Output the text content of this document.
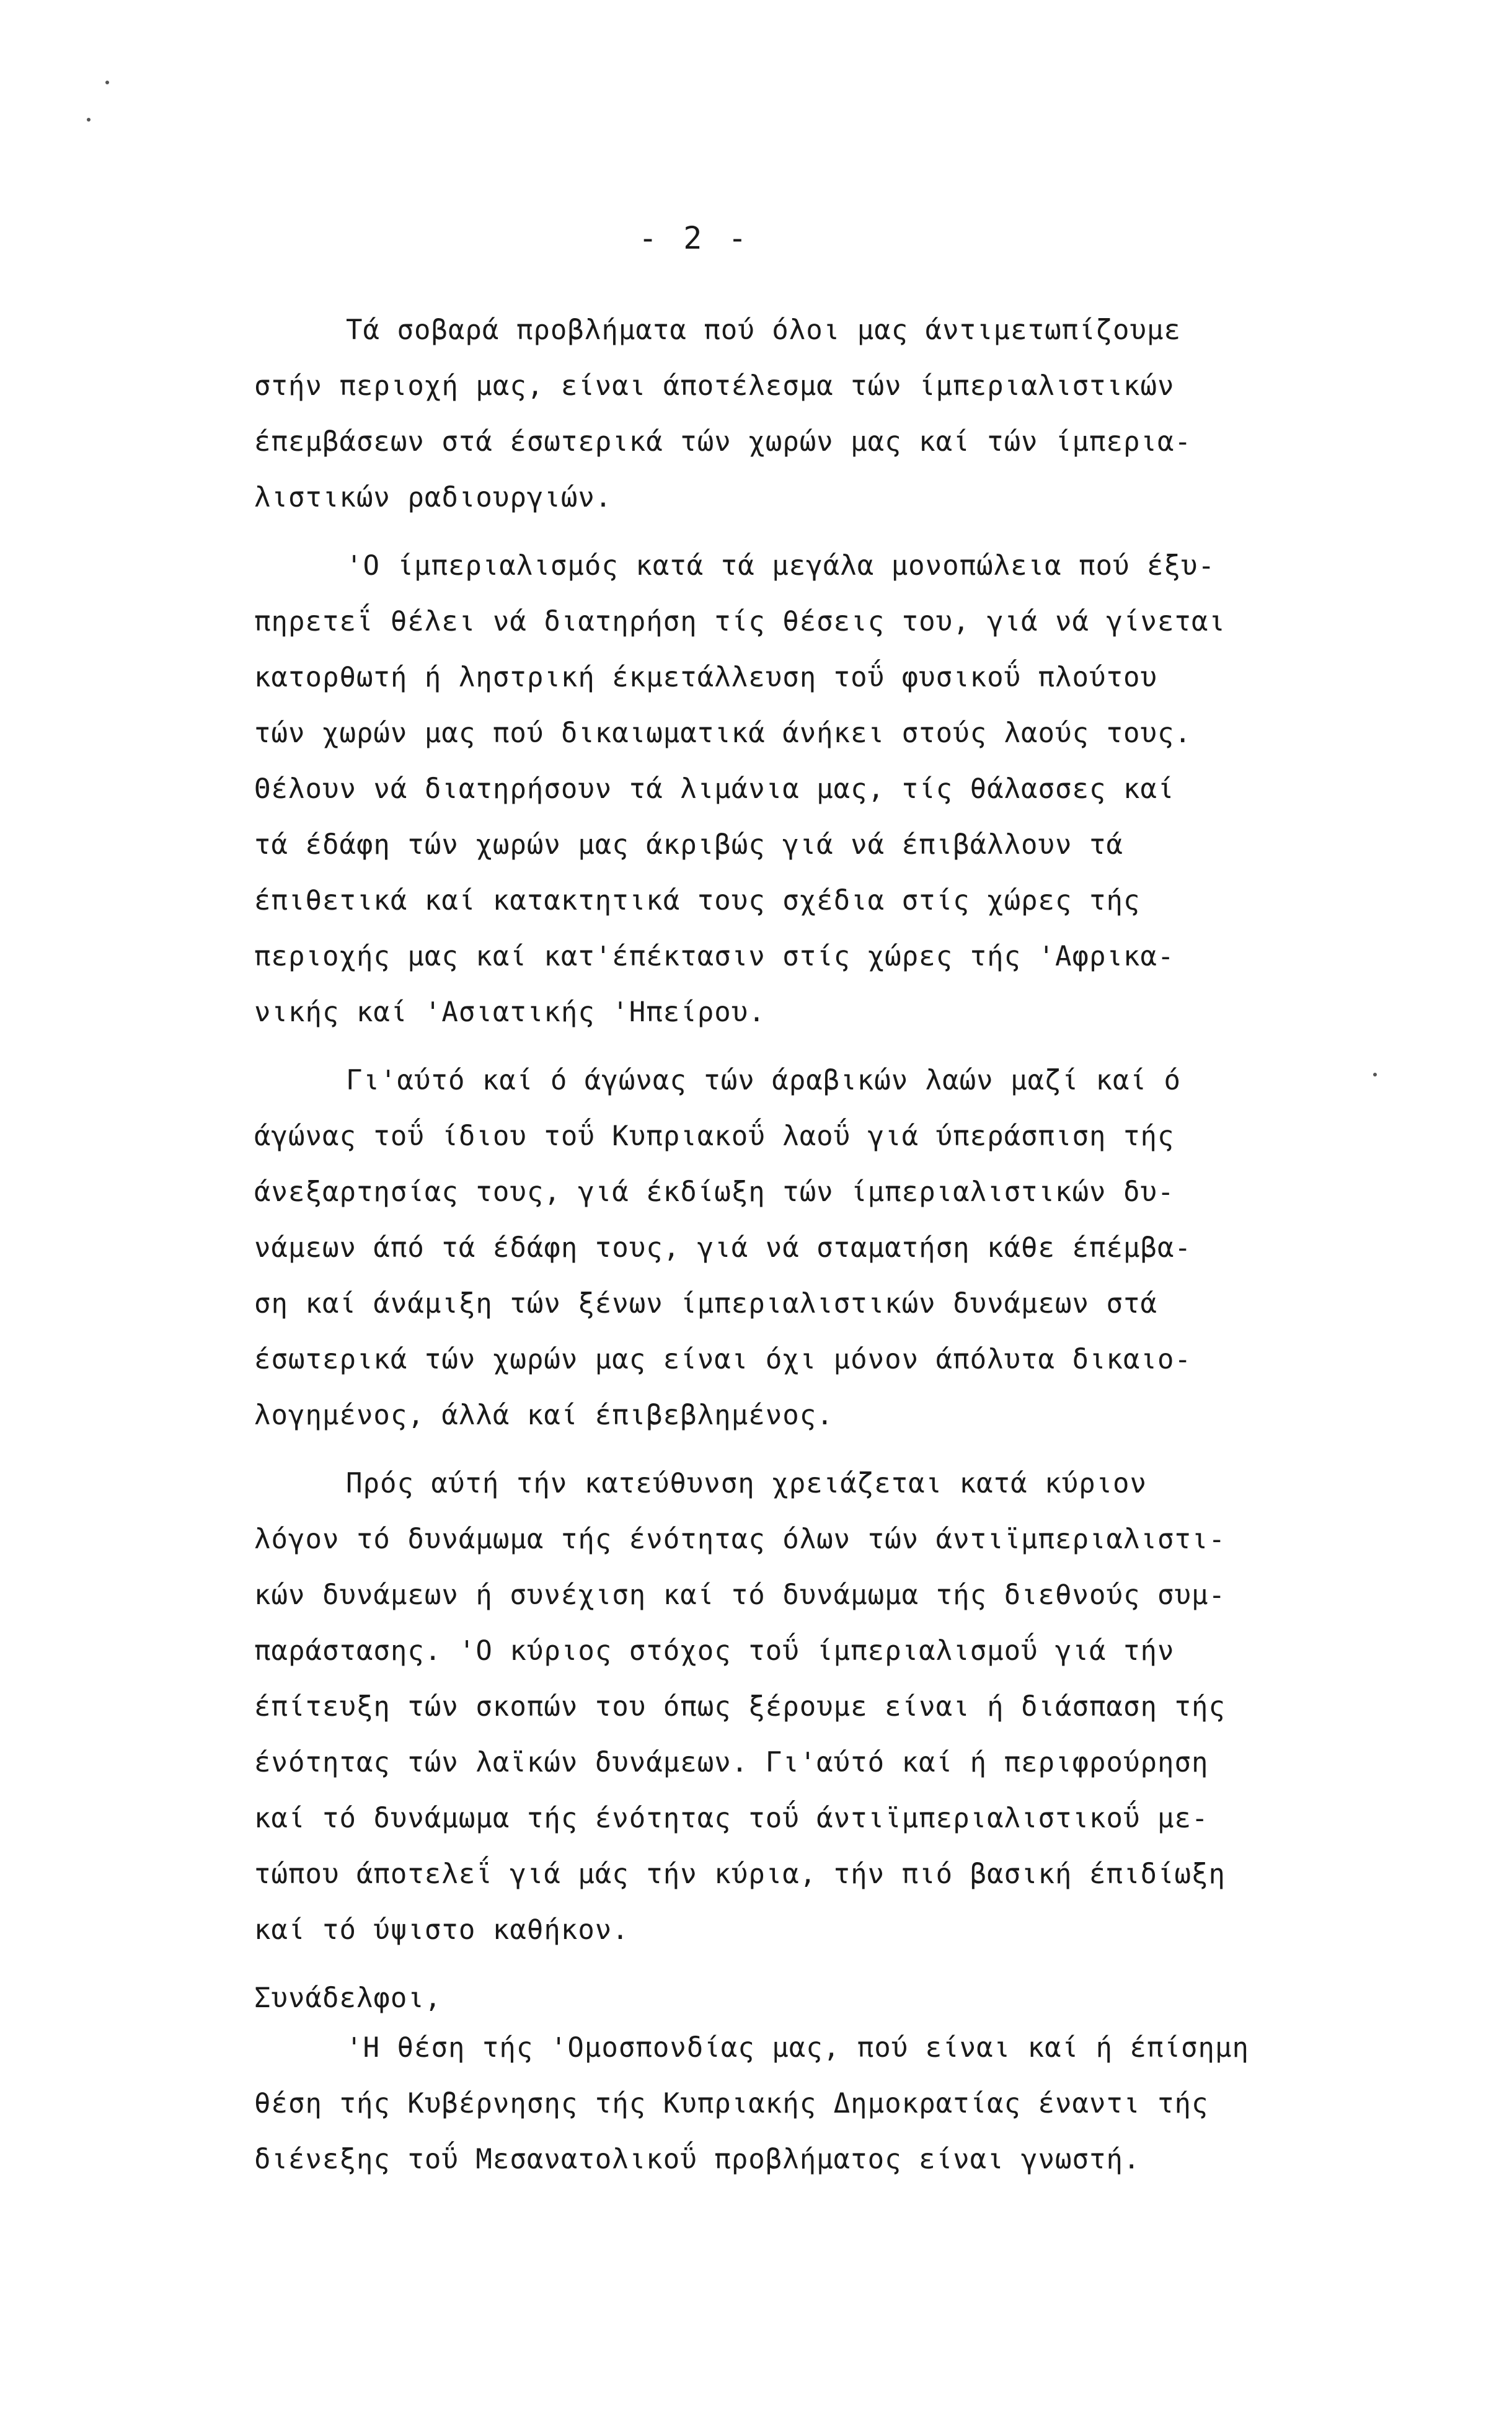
- 2 -
Τά σοβαρά προβλήματα πού όλοι μας άντιμετωπίζουμε
στήν περιοχή μας, είναι άποτέλεσμα τών ίμπεριαλιστικών
έπεμβάσεων στά έσωτερικά τών χωρών μας καί τών ίμπερια-
λιστικών ραδιουργιών.
'Ο ίμπεριαλισμός κατά τά μεγάλα μονοπώλεια πού έξυ-
πηρετεΐ θέλει νά διατηρήση τίς θέσεις του, γιά νά γίνεται
κατορθωτή ή ληστρική έκμετάλλευση τοΰ φυσικοΰ πλούτου
τών χωρών μας πού δικαιωματικά άνήκει στούς λαούς τους.
Θέλουν νά διατηρήσουν τά λιμάνια μας, τίς θάλασσες καί
τά έδάφη τών χωρών μας άκριβώς γιά νά έπιβάλλουν τά
έπιθετικά καί κατακτητικά τους σχέδια στίς χώρες τής
περιοχής μας καί κατ'έπέκτασιν στίς χώρες τής 'Αφρικα-
νικής καί 'Ασιατικής 'Ηπείρου.
Γι'αύτό καί ό άγώνας τών άραβικών λαών μαζί καί ό
άγώνας τοΰ ίδιου τοΰ Κυπριακοΰ λαοΰ γιά ύπεράσπιση τής
άνεξαρτησίας τους, γιά έκδίωξη τών ίμπεριαλιστικών δυ-
νάμεων άπό τά έδάφη τους, γιά νά σταματήση κάθε έπέμβα-
ση καί άνάμιξη τών ξένων ίμπεριαλιστικών δυνάμεων στά
έσωτερικά τών χωρών μας είναι όχι μόνον άπόλυτα δικαιο-
λογημένος, άλλά καί έπιβεβλημένος.
Πρός αύτή τήν κατεύθυνση χρειάζεται κατά κύριον
λόγον τό δυνάμωμα τής ένότητας όλων τών άντιϊμπεριαλιστι-
κών δυνάμεων ή συνέχιση καί τό δυνάμωμα τής διεθνούς συμ-
παράστασης. 'Ο κύριος στόχος τοΰ ίμπεριαλισμοΰ γιά τήν
έπίτευξη τών σκοπών του όπως ξέρουμε είναι ή διάσπαση τής
ένότητας τών λαϊκών δυνάμεων. Γι'αύτό καί ή περιφρούρηση
καί τό δυνάμωμα τής ένότητας τοΰ άντιϊμπεριαλιστικοΰ με-
τώπου άποτελεΐ γιά μάς τήν κύρια, τήν πιό βασική έπιδίωξη
καί τό ύψιστο καθήκον.
Συνάδελφοι,
'Η θέση τής 'Ομοσπονδίας μας, πού είναι καί ή έπίσημη
θέση τής Κυβέρνησης τής Κυπριακής Δημοκρατίας έναντι τής
διένεξης τοΰ Μεσανατολικοΰ προβλήματος είναι γνωστή.
